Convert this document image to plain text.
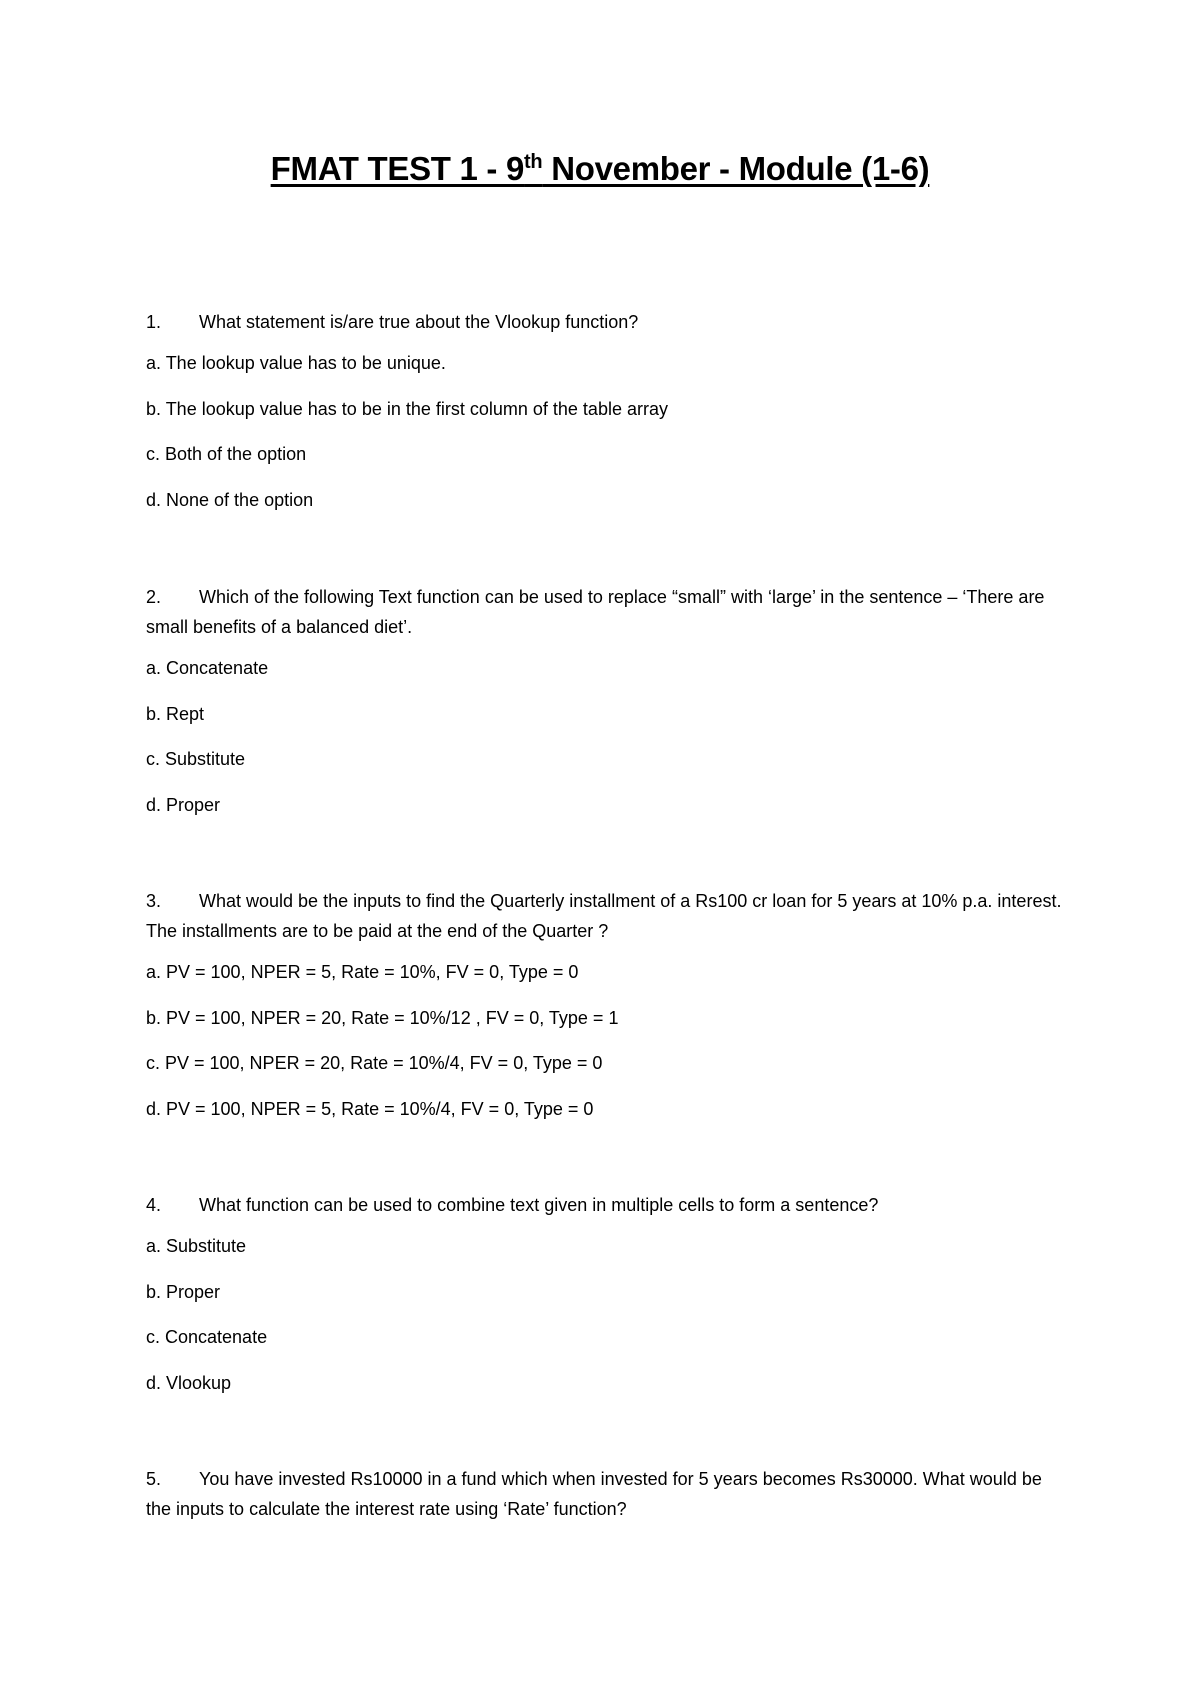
FMAT TEST 1 - 9th November - Module (1-6)
1.	What statement is/are true about the Vlookup function?

a. The lookup value has to be unique.

b. The lookup value has to be in the first column of the table array

c. Both of the option

d. None of the option

2.	Which of the following Text function can be used to replace “small” with ‘large’ in the sentence – ‘There are small benefits of a balanced diet’.

a. Concatenate

b. Rept

c. Substitute

d. Proper

3.	What would be the inputs to find the Quarterly installment of a Rs100 cr loan for 5 years at 10% p.a. interest. The installments are to be paid at the end of the Quarter ?

a. PV = 100, NPER = 5, Rate = 10%, FV = 0, Type = 0

b. PV = 100, NPER = 20, Rate = 10%/12 , FV = 0, Type = 1

c. PV = 100, NPER = 20, Rate = 10%/4, FV = 0, Type = 0

d. PV = 100, NPER = 5, Rate = 10%/4, FV = 0, Type = 0

4.	What function can be used to combine text given in multiple cells to form a sentence?

a. Substitute

b. Proper

c. Concatenate

d. Vlookup

5.	You have invested Rs10000 in a fund which when invested for 5 years becomes Rs30000. What would be the inputs to calculate the interest rate using ‘Rate’ function?
